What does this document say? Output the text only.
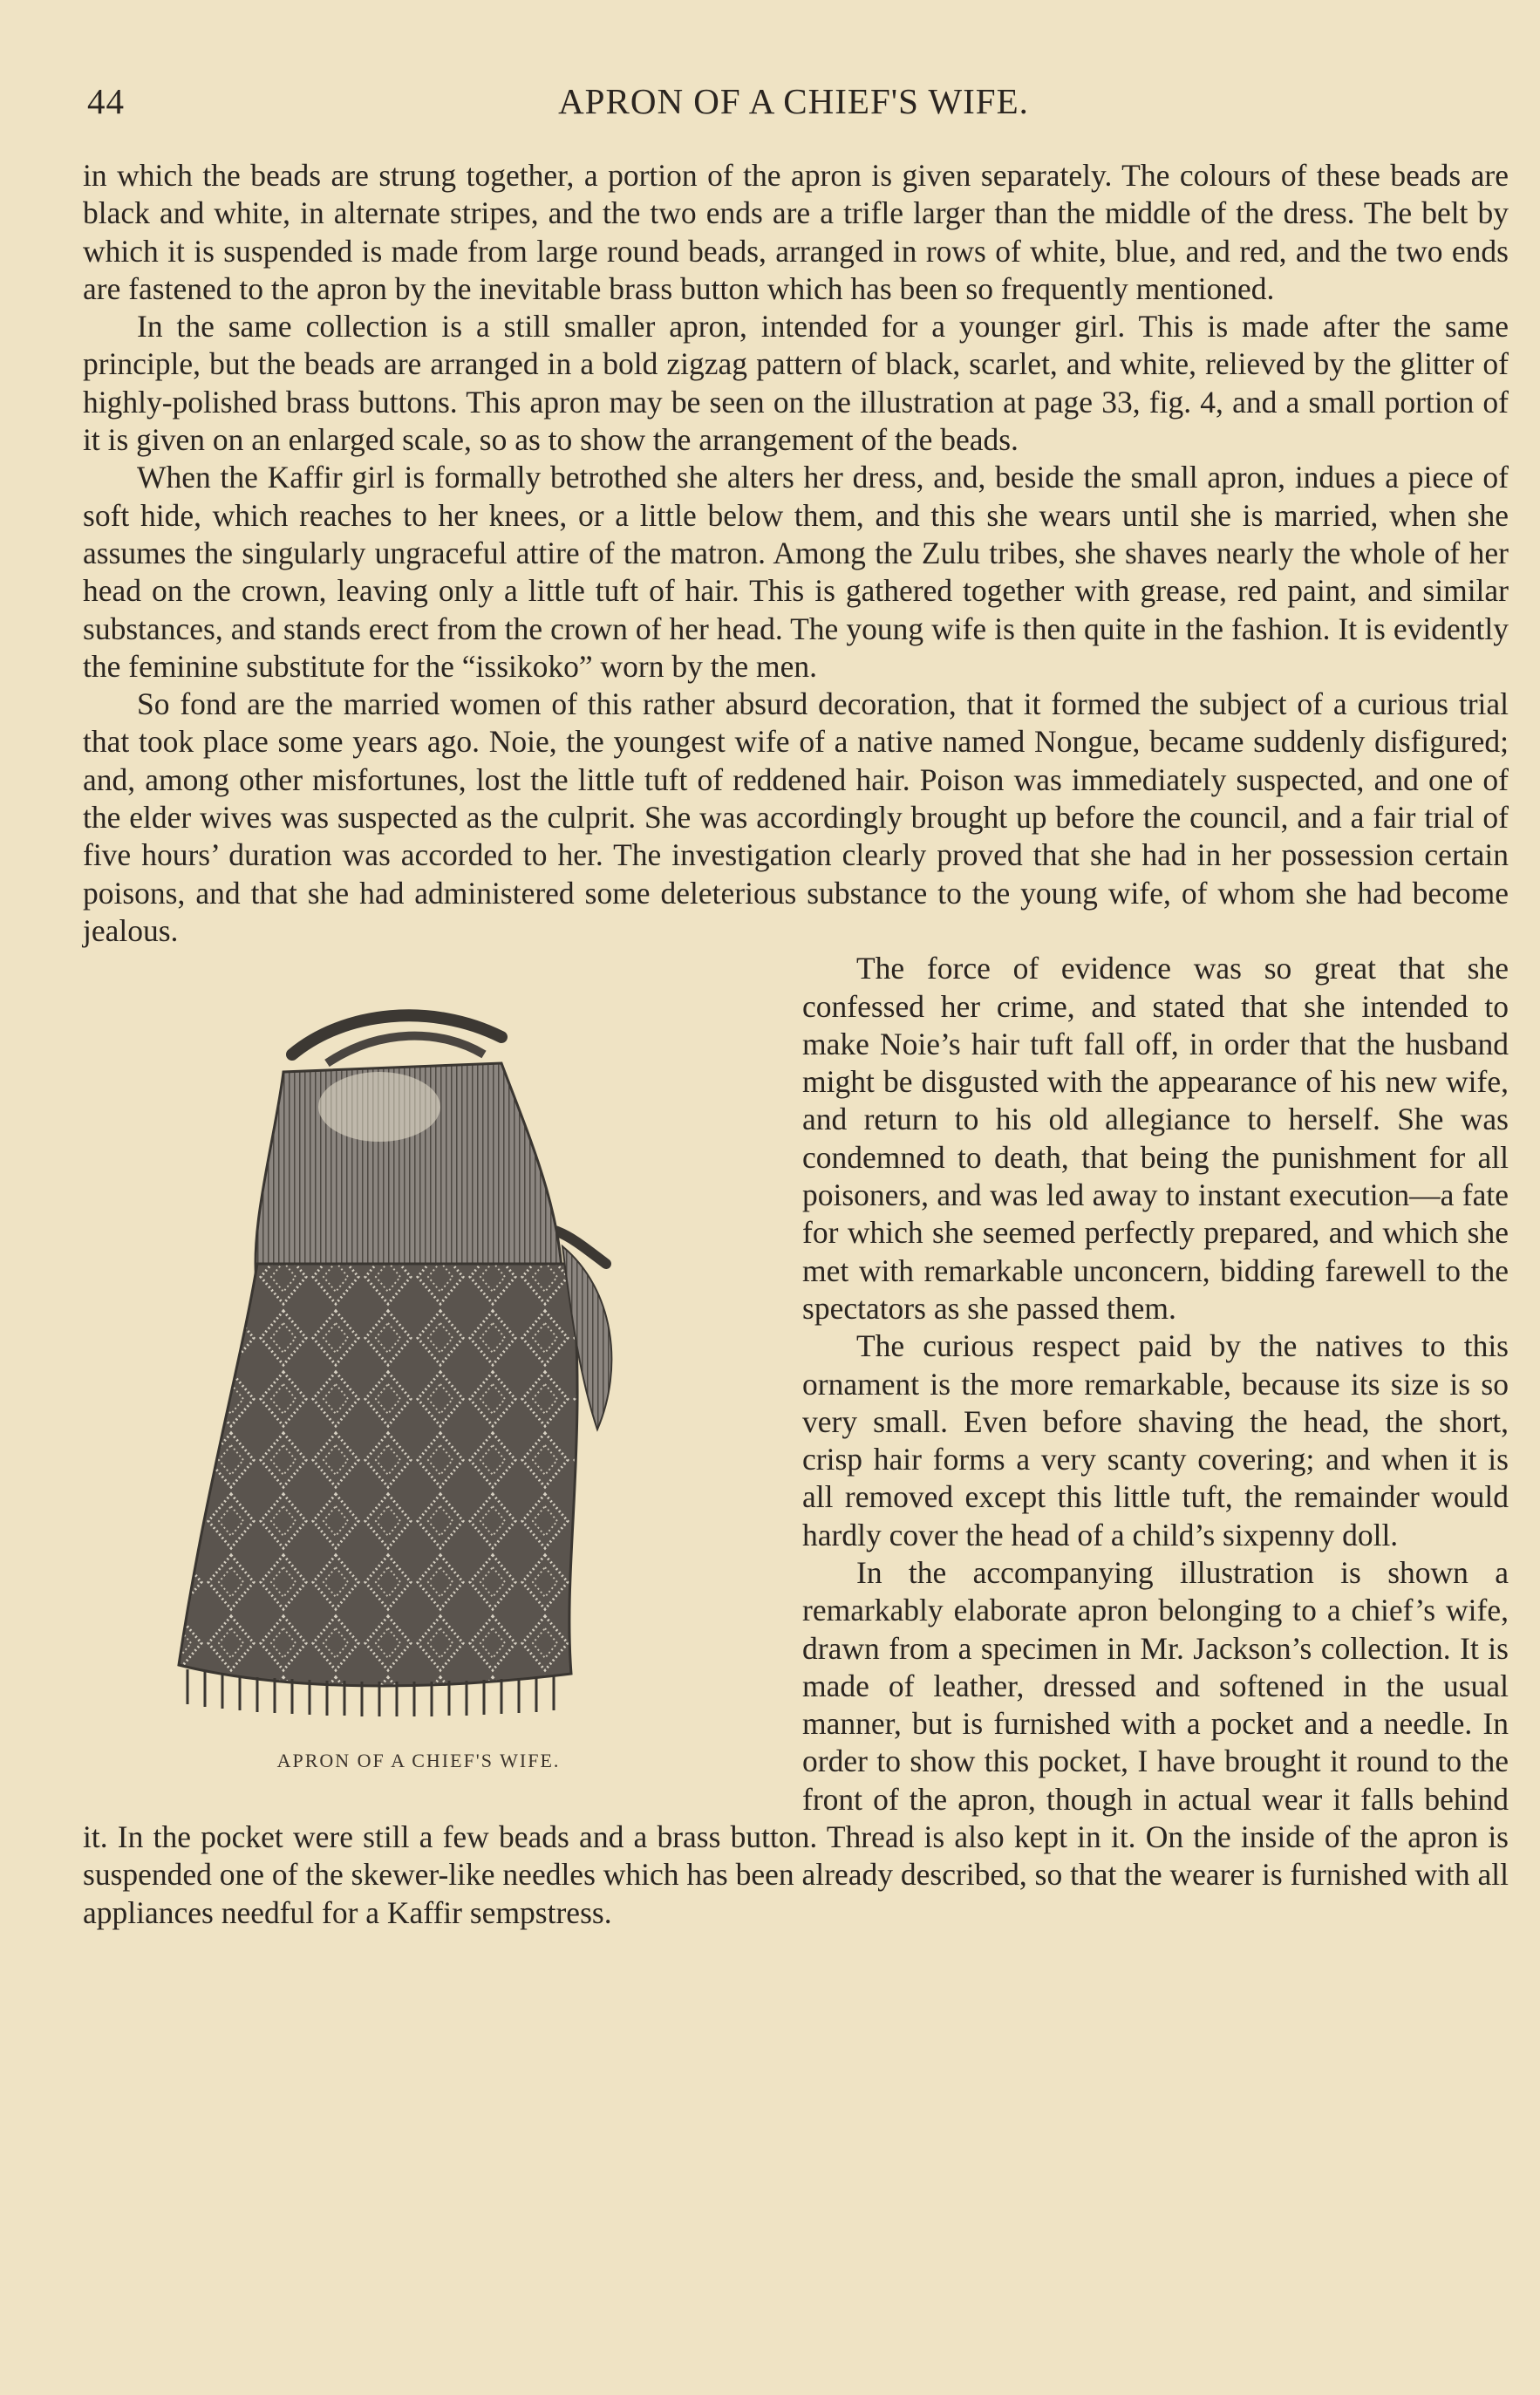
44	APRON OF A CHIEF'S WIFE.

in which the beads are strung together, a portion of the apron is given separately. The colours of these beads are black and white, in alternate stripes, and the two ends are a trifle larger than the middle of the dress. The belt by which it is suspended is made from large round beads, arranged in rows of white, blue, and red, and the two ends are fastened to the apron by the inevitable brass button which has been so frequently mentioned.

In the same collection is a still smaller apron, intended for a younger girl. This is made after the same principle, but the beads are arranged in a bold zigzag pattern of black, scarlet, and white, relieved by the glitter of highly-polished brass buttons. This apron may be seen on the illustration at page 33, fig. 4, and a small portion of it is given on an enlarged scale, so as to show the arrangement of the beads.

When the Kaffir girl is formally betrothed she alters her dress, and, beside the small apron, indues a piece of soft hide, which reaches to her knees, or a little below them, and this she wears until she is married, when she assumes the singularly ungraceful attire of the matron. Among the Zulu tribes, she shaves nearly the whole of her head on the crown, leaving only a little tuft of hair. This is gathered together with grease, red paint, and similar substances, and stands erect from the crown of her head. The young wife is then quite in the fashion. It is evidently the feminine substitute for the “issikoko” worn by the men.

So fond are the married women of this rather absurd decoration, that it formed the subject of a curious trial that took place some years ago. Noie, the youngest wife of a native named Nongue, became suddenly disfigured; and, among other misfortunes, lost the little tuft of reddened hair. Poison was immediately suspected, and one of the elder wives was suspected as the culprit. She was accordingly brought up before the council, and a fair trial of five hours’ duration was accorded to her. The investigation clearly proved that she had in her possession certain poisons, and that she had administered some deleterious substance to the young wife, of whom she had become jealous.

APRON OF A CHIEF'S WIFE.

The force of evidence was so great that she confessed her crime, and stated that she intended to make Noie’s hair tuft fall off, in order that the husband might be disgusted with the appearance of his new wife, and return to his old allegiance to herself. She was condemned to death, that being the punishment for all poisoners, and was led away to instant execution—a fate for which she seemed perfectly prepared, and which she met with remarkable unconcern, bidding farewell to the spectators as she passed them.

The curious respect paid by the natives to this ornament is the more remarkable, because its size is so very small. Even before shaving the head, the short, crisp hair forms a very scanty covering; and when it is all removed except this little tuft, the remainder would hardly cover the head of a child’s sixpenny doll.

In the accompanying illustration is shown a remarkably elaborate apron belonging to a chief’s wife, drawn from a specimen in Mr. Jackson’s collection. It is made of leather, dressed and softened in the usual manner, but is furnished with a pocket and a needle. In order to show this pocket, I have brought it round to the front of the apron, though in actual wear it falls behind it. In the pocket were still a few beads and a brass button. Thread is also kept in it. On the inside of the apron is suspended one of the skewer-like needles which has been already described, so that the wearer is furnished with all appliances needful for a Kaffir sempstress.
